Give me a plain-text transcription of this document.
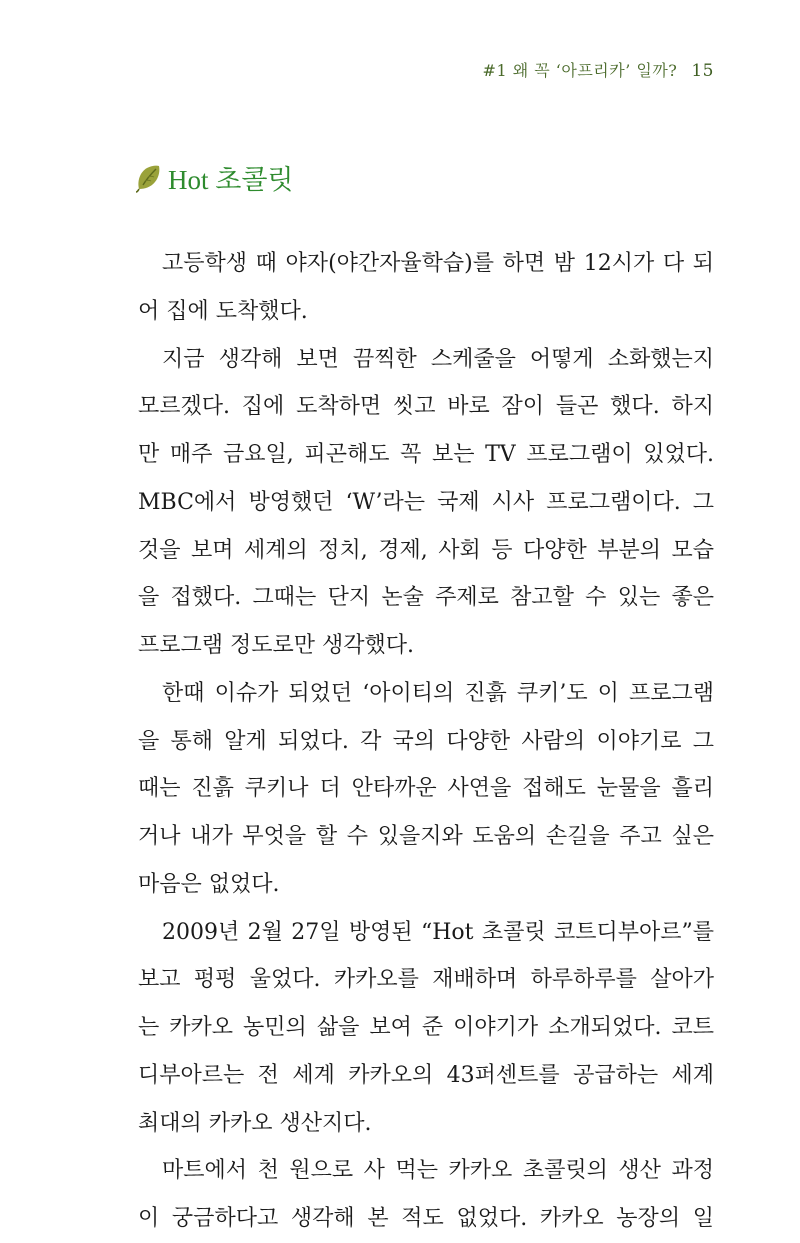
#1 왜 꼭 ‘아프리카’ 일까? 15
Hot 초콜릿
고등학생 때 야자(야간자율학습)를 하면 밤 12시가 다 되
어 집에 도착했다.
지금 생각해 보면 끔찍한 스케줄을 어떻게 소화했는지
모르겠다. 집에 도착하면 씻고 바로 잠이 들곤 했다. 하지
만 매주 금요일, 피곤해도 꼭 보는 TV 프로그램이 있었다.
MBC에서 방영했던 ‘W’라는 국제 시사 프로그램이다. 그
것을 보며 세계의 정치, 경제, 사회 등 다양한 부분의 모습
을 접했다. 그때는 단지 논술 주제로 참고할 수 있는 좋은
프로그램 정도로만 생각했다.
한때 이슈가 되었던 ‘아이티의 진흙 쿠키’도 이 프로그램
을 통해 알게 되었다. 각 국의 다양한 사람의 이야기로 그
때는 진흙 쿠키나 더 안타까운 사연을 접해도 눈물을 흘리
거나 내가 무엇을 할 수 있을지와 도움의 손길을 주고 싶은
마음은 없었다.
2009년 2월 27일 방영된 “Hot 초콜릿 코트디부아르”를
보고 펑펑 울었다. 카카오를 재배하며 하루하루를 살아가
는 카카오 농민의 삶을 보여 준 이야기가 소개되었다. 코트
디부아르는 전 세계 카카오의 43퍼센트를 공급하는 세계
최대의 카카오 생산지다.
마트에서 천 원으로 사 먹는 카카오 초콜릿의 생산 과정
이 궁금하다고 생각해 본 적도 없었다. 카카오 농장의 일
